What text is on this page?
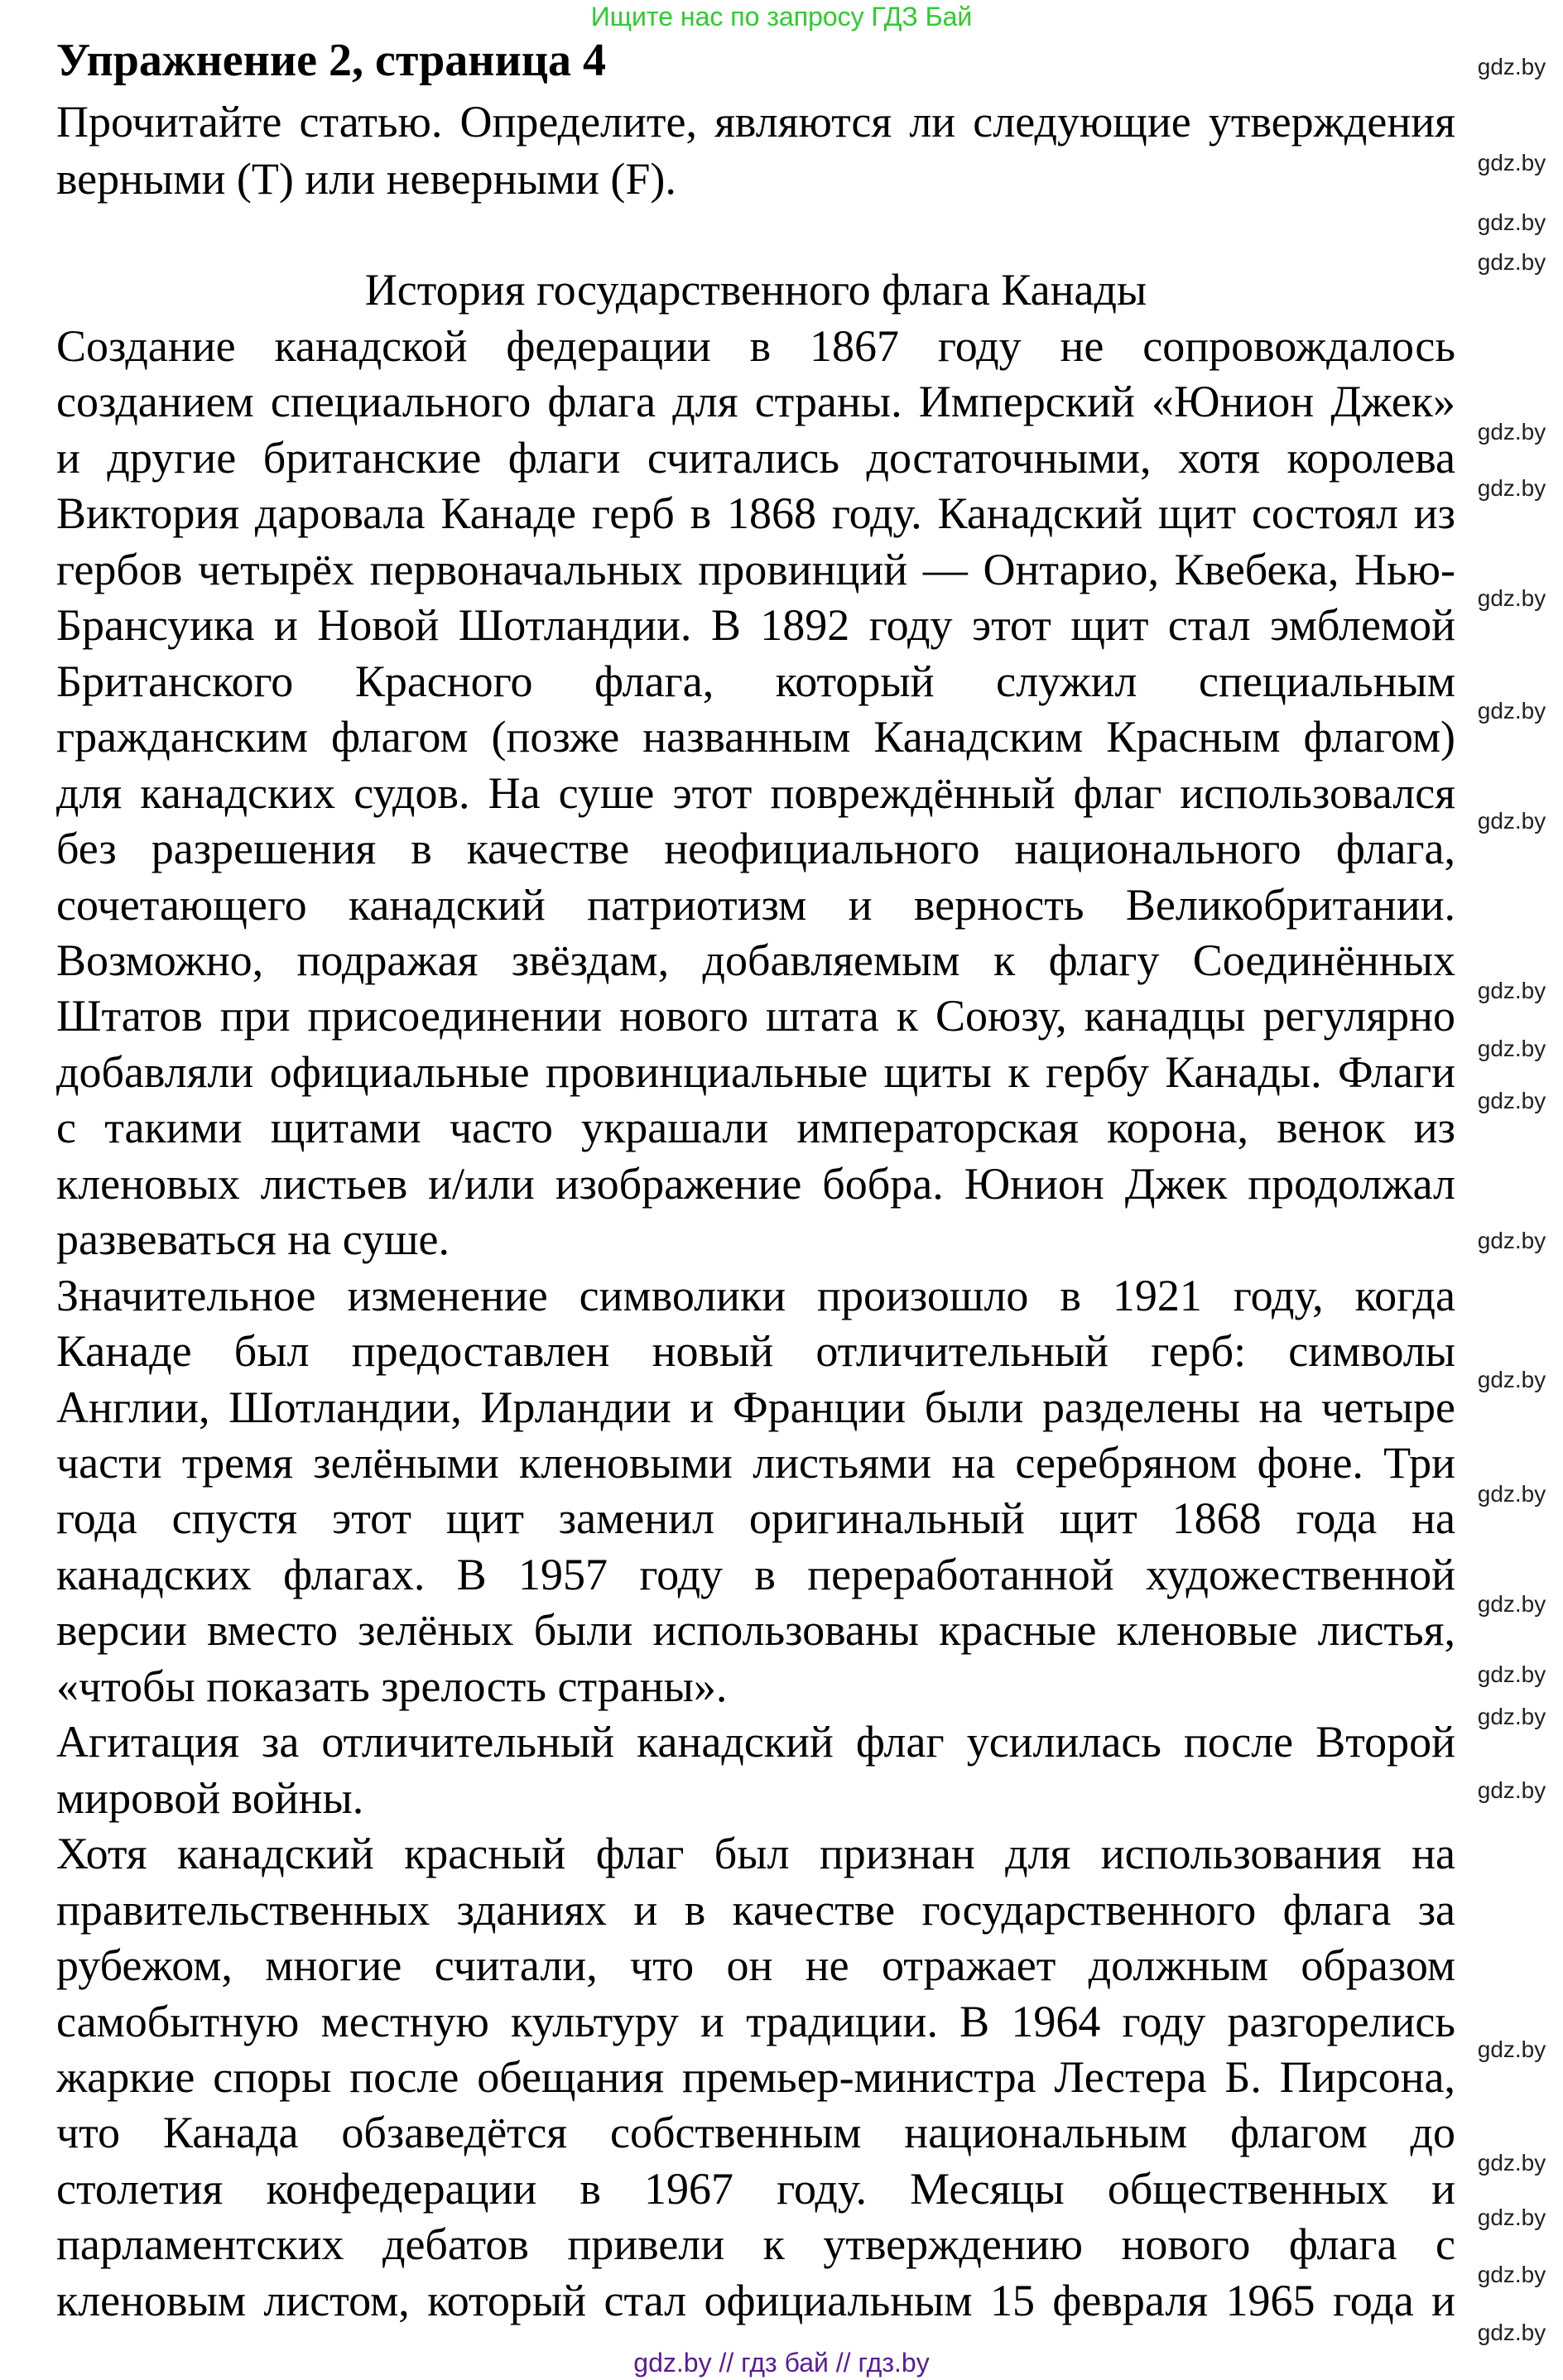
Ищите нас по запросу ГДЗ Бай
Упражнение 2, страница 4
Прочитайте статью. Определите, являются ли следующие утверждения
верными (T) или неверными (F).
История государственного флага Канады
Создание канадской федерации в 1867 году не сопровождалось
созданием специального флага для страны. Имперский «Юнион Джек»
и другие британские флаги считались достаточными, хотя королева
Виктория даровала Канаде герб в 1868 году. Канадский щит состоял из
гербов четырёх первоначальных провинций — Онтарио, Квебека, Нью-
Брансуика и Новой Шотландии. В 1892 году этот щит стал эмблемой
Британского Красного флага, который служил специальным
гражданским флагом (позже названным Канадским Красным флагом)
для канадских судов. На суше этот повреждённый флаг использовался
без разрешения в качестве неофициального национального флага,
сочетающего канадский патриотизм и верность Великобритании.
Возможно, подражая звёздам, добавляемым к флагу Соединённых
Штатов при присоединении нового штата к Союзу, канадцы регулярно
добавляли официальные провинциальные щиты к гербу Канады. Флаги
с такими щитами часто украшали императорская корона, венок из
кленовых листьев и/или изображение бобра. Юнион Джек продолжал
развеваться на суше.
Значительное изменение символики произошло в 1921 году, когда
Канаде был предоставлен новый отличительный герб: символы
Англии, Шотландии, Ирландии и Франции были разделены на четыре
части тремя зелёными кленовыми листьями на серебряном фоне. Три
года спустя этот щит заменил оригинальный щит 1868 года на
канадских флагах. В 1957 году в переработанной художественной
версии вместо зелёных были использованы красные кленовые листья,
«чтобы показать зрелость страны».
Агитация за отличительный канадский флаг усилилась после Второй
мировой войны.
Хотя канадский красный флаг был признан для использования на
правительственных зданиях и в качестве государственного флага за
рубежом, многие считали, что он не отражает должным образом
самобытную местную культуру и традиции. В 1964 году разгорелись
жаркие споры после обещания премьер-министра Лестера Б. Пирсона,
что Канада обзаведётся собственным национальным флагом до
столетия конфедерации в 1967 году. Месяцы общественных и
парламентских дебатов привели к утверждению нового флага с
кленовым листом, который стал официальным 15 февраля 1965 года и
gdz.by
gdz.by
gdz.by
gdz.by
gdz.by
gdz.by
gdz.by
gdz.by
gdz.by
gdz.by
gdz.by
gdz.by
gdz.by
gdz.by
gdz.by
gdz.by
gdz.by
gdz.by
gdz.by
gdz.by
gdz.by
gdz.by
gdz.by
gdz.by
gdz.by // гдз бай // гдз.by
